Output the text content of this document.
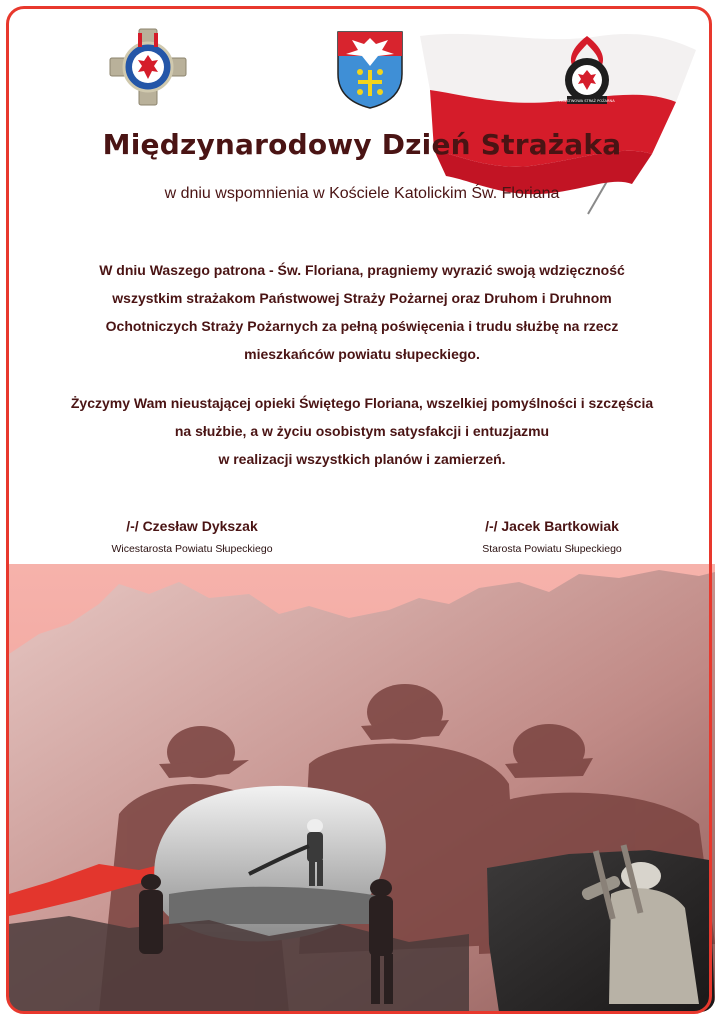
PAŃSTWOWA STRAŻ POŻARNA
Międzynarodowy Dzień Strażaka
w dniu wspomnienia w Kościele Katolickim Św. Floriana
W dniu Waszego patrona - Św. Floriana, pragniemy wyrazić swoją wdzięczność
wszystkim strażakom Państwowej Straży Pożarnej oraz Druhom i Druhnom
Ochotniczych Straży Pożarnych za pełną poświęcenia i trudu służbę na rzecz
mieszkańców powiatu słupeckiego.
Życzymy Wam nieustającej opieki Świętego Floriana, wszelkiej pomyślności i szczęścia
na służbie, a w życiu osobistym satysfakcji i entuzjazmu
w realizacji wszystkich planów i zamierzeń.
/-/ Czesław Dykszak
Wicestarosta Powiatu Słupeckiego
/-/ Jacek Bartkowiak
Starosta Powiatu Słupeckiego
